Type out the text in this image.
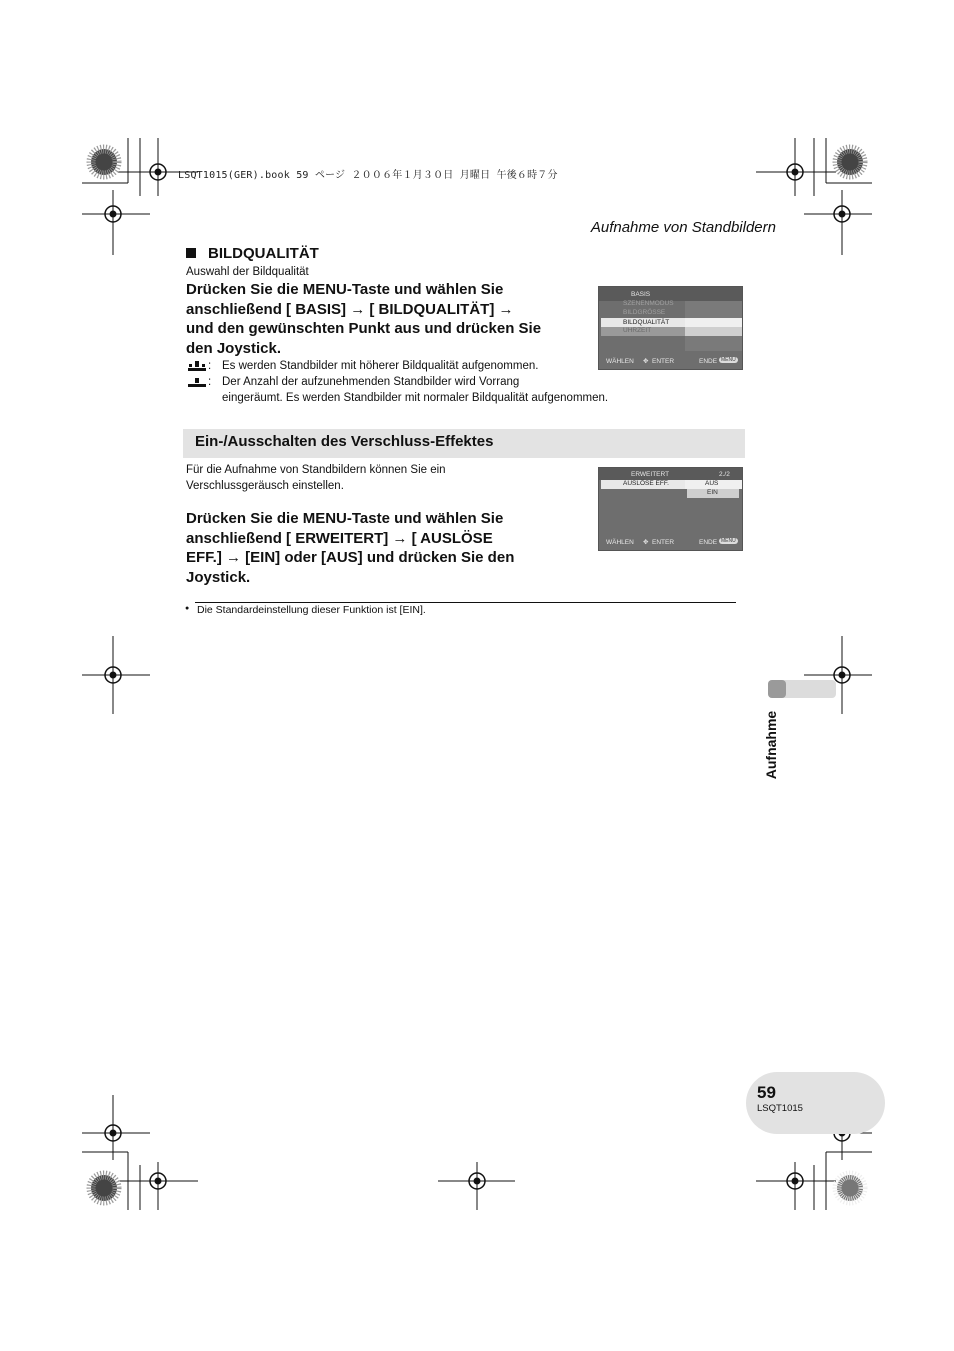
LSQT1015(GER).book 59 ページ ２００６年１月３０日 月曜日 午後６時７分
Aufnahme von Standbildern
BILDQUALITÄT
Auswahl der Bildqualität
Drücken Sie die MENU-Taste und wählen Sie
anschließend [ BASIS] → [ BILDQUALITÄT] →
und den gewünschten Punkt aus und drücken Sie
den Joystick.
: Es werden Standbilder mit höherer Bildqualität aufgenommen.
: Der Anzahl der aufzunehmenden Standbilder wird Vorrang
eingeräumt. Es werden Standbilder mit normaler Bildqualität aufgenommen.
BASIS
SZENENMODUS
BILDGRÖSSE
BILDQUALITÄT
UHRZEIT
WÄHLEN ✥ ENTER	ENDE MENU
Ein-/Ausschalten des Verschluss-Effektes
Für die Aufnahme von Standbildern können Sie ein
Verschlussgeräusch einstellen.
Drücken Sie die MENU-Taste und wählen Sie
anschließend [ ERWEITERT] → [ AUSLÖSE
EFF.] → [EIN] oder [AUS] und drücken Sie den
Joystick.
ERWEITERT	2./2
AUSLÖSE EFF.	AUS
EIN
WÄHLEN ✥ ENTER	ENDE MENU
● Die Standardeinstellung dieser Funktion ist [EIN].
Aufnahme
59
LSQT1015
